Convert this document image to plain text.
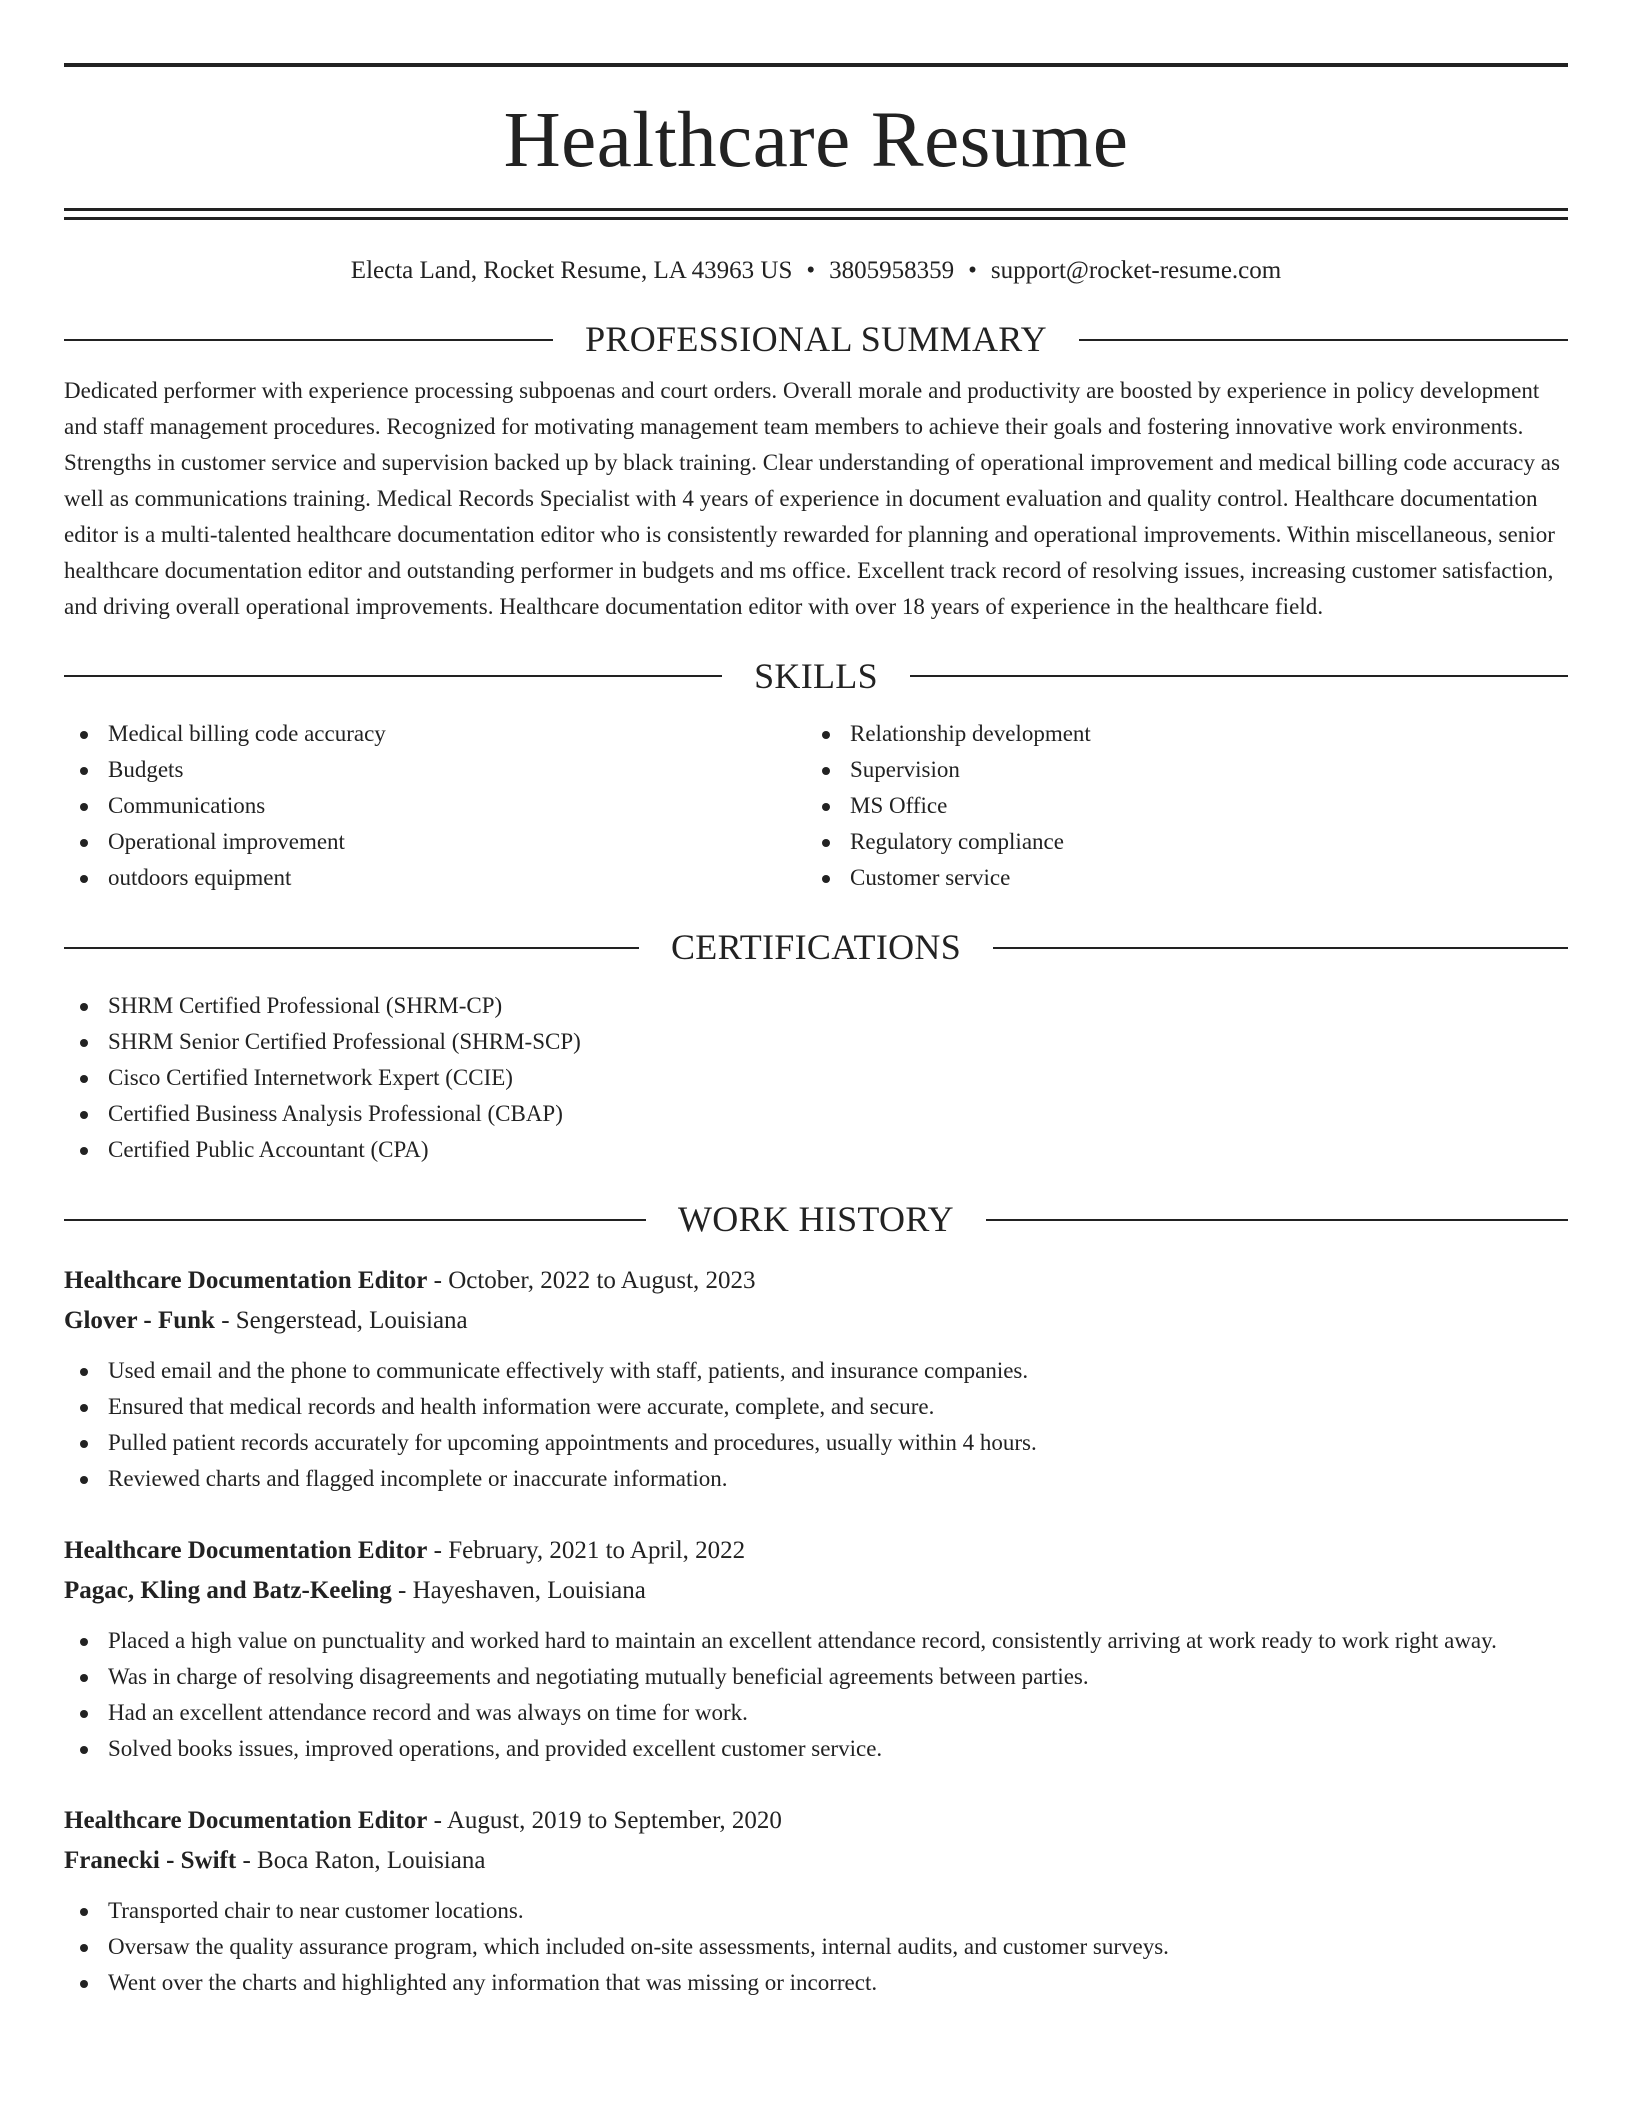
Healthcare Resume
Electa Land, Rocket Resume, LA 43963 US • 3805958359 • support@rocket-resume.com
PROFESSIONAL SUMMARY

Dedicated performer with experience processing subpoenas and court orders. Overall morale and productivity are boosted by experience in policy development and staff management procedures. Recognized for motivating management team members to achieve their goals and fostering innovative work environments. Strengths in customer service and supervision backed up by black training. Clear understanding of operational improvement and medical billing code accuracy as well as communications training. Medical Records Specialist with 4 years of experience in document evaluation and quality control. Healthcare documentation editor is a multi-talented healthcare documentation editor who is consistently rewarded for planning and operational improvements. Within miscellaneous, senior healthcare documentation editor and outstanding performer in budgets and ms office. Excellent track record of resolving issues, increasing customer satisfaction, and driving overall operational improvements. Healthcare documentation editor with over 18 years of experience in the healthcare field.

SKILLS
Medical billing code accuracy
Budgets
Communications
Operational improvement
outdoors equipment
Relationship development
Supervision
MS Office
Regulatory compliance
Customer service
CERTIFICATIONS
SHRM Certified Professional (SHRM-CP)
SHRM Senior Certified Professional (SHRM-SCP)
Cisco Certified Internetwork Expert (CCIE)
Certified Business Analysis Professional (CBAP)
Certified Public Accountant (CPA)
WORK HISTORY
Healthcare Documentation Editor - October, 2022 to August, 2023
Glover - Funk - Sengerstead, Louisiana
Used email and the phone to communicate effectively with staff, patients, and insurance companies.
Ensured that medical records and health information were accurate, complete, and secure.
Pulled patient records accurately for upcoming appointments and procedures, usually within 4 hours.
Reviewed charts and flagged incomplete or inaccurate information.
Healthcare Documentation Editor - February, 2021 to April, 2022
Pagac, Kling and Batz-Keeling - Hayeshaven, Louisiana
Placed a high value on punctuality and worked hard to maintain an excellent attendance record, consistently arriving at work ready to work right away.
Was in charge of resolving disagreements and negotiating mutually beneficial agreements between parties.
Had an excellent attendance record and was always on time for work.
Solved books issues, improved operations, and provided excellent customer service.
Healthcare Documentation Editor - August, 2019 to September, 2020
Franecki - Swift - Boca Raton, Louisiana
Transported chair to near customer locations.
Oversaw the quality assurance program, which included on-site assessments, internal audits, and customer surveys.
Went over the charts and highlighted any information that was missing or incorrect.
